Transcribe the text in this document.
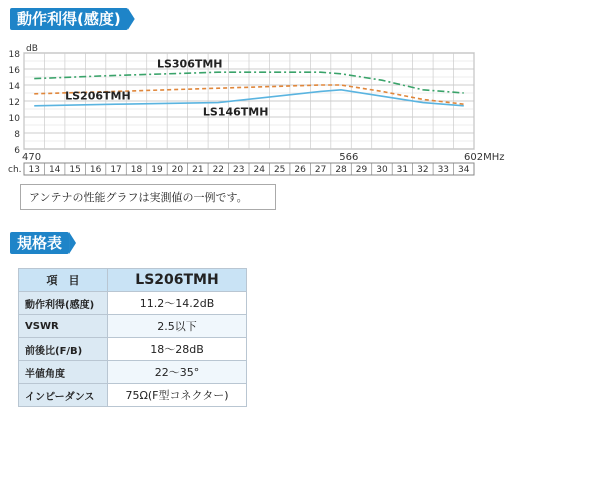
動作利得(感度)
6
8
10
12
14
16
18
dB
ch. 13 14 15 16 17 18 19 20 21 22 23 24 25 26 27 28 29 30 31 32 33 34
470	566	602MHz
LS306TMH
LS206TMH
LS146TMH
アンテナの性能グラフは実測値の一例です。
規格表
項　目	LS206TMH
動作利得(感度)	11.2〜14.2dB
VSWR	2.5以下
前後比(F/B)	18〜28dB
半値角度	22〜35°
インピーダンス	75Ω(F型コネクター)
